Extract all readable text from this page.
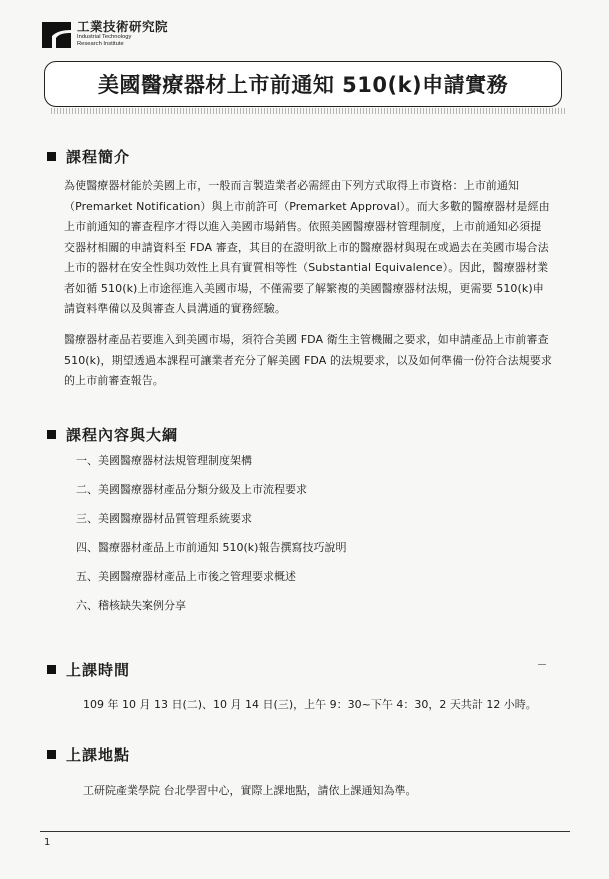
工業技術研究院
Industrial Technology
Research Institute
美國醫療器材上市前通知 510(k)申請實務
課程簡介

為使醫療器材能於美國上市，一般而言製造業者必需經由下列方式取得上市資格：上市前通知（Premarket Notification）與上市前許可（Premarket Approval）。而大多數的醫療器材是經由上市前通知的審查程序才得以進入美國市場銷售。依照美國醫療器材管理制度，上市前通知必須提交器材相關的申請資料至 FDA 審查，其目的在證明欲上市的醫療器材與現在或過去在美國市場合法上市的器材在安全性與功效性上具有實質相等性（Substantial Equivalence）。因此，醫療器材業者如循 510(k)上市途徑進入美國市場，不僅需要了解繁複的美國醫療器材法規，更需要 510(k)申請資料準備以及與審查人員溝通的實務經驗。

醫療器材產品若要進入到美國市場，須符合美國 FDA 衛生主管機關之要求，如申請產品上市前審查 510(k)，期望透過本課程可讓業者充分了解美國 FDA 的法規要求，以及如何準備一份符合法規要求的上市前審查報告。

課程內容與大綱
一、美國醫療器材法規管理制度架構
二、美國醫療器材產品分類分級及上市流程要求
三、美國醫療器材品質管理系統要求
四、醫療器材產品上市前通知 510(k)報告撰寫技巧說明
五、美國醫療器材產品上市後之管理要求概述
六、稽核缺失案例分享
上課時間
109 年 10 月 13 日(二)、10 月 14 日(三)，上午 9：30~下午 4：30，2 天共計 12 小時。
上課地點
工研院產業學院 台北學習中心，實際上課地點，請依上課通知為準。
1
